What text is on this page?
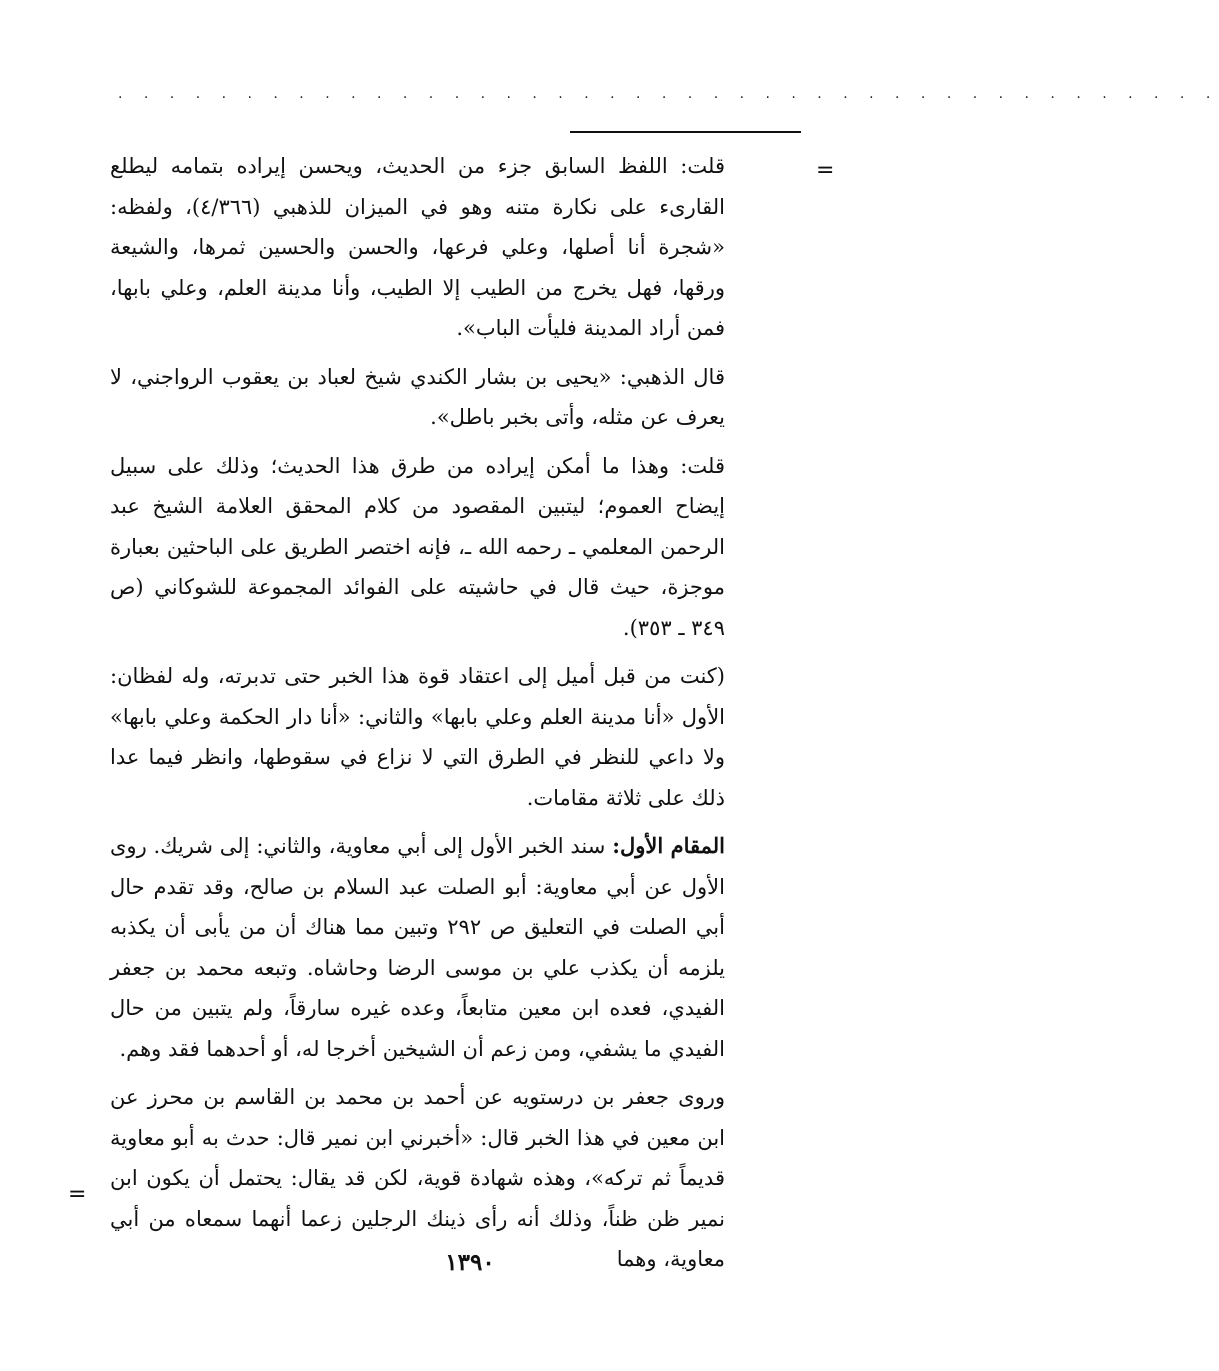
. . . . . . . . . . . . . . . . . . . . . . . . . . . . . . . . . . . . . . . . . . .
=

قلت: اللفظ السابق جزء من الحديث، ويحسن إيراده بتمامه ليطلع القارىء على نكارة متنه وهو في الميزان للذهبي (٤/٣٦٦)، ولفظه: «شجرة أنا أصلها، وعلي فرعها، والحسن والحسين ثمرها، والشيعة ورقها، فهل يخرج من الطيب إلا الطيب، وأنا مدينة العلم، وعلي بابها، فمن أراد المدينة فليأت الباب».

قال الذهبي: «يحيى بن بشار الكندي شيخ لعباد بن يعقوب الرواجني، لا يعرف عن مثله، وأتى بخبر باطل».

قلت: وهذا ما أمكن إيراده من طرق هذا الحديث؛ وذلك على سبيل إيضاح العموم؛ ليتبين المقصود من كلام المحقق العلامة الشيخ عبد الرحمن المعلمي ـ رحمه الله ـ، فإنه اختصر الطريق على الباحثين بعبارة موجزة، حيث قال في حاشيته على الفوائد المجموعة للشوكاني (ص ٣٤٩ ـ ٣٥٣).

(كنت من قبل أميل إلى اعتقاد قوة هذا الخبر حتى تدبرته، وله لفظان: الأول «أنا مدينة العلم وعلي بابها» والثاني: «أنا دار الحكمة وعلي بابها» ولا داعي للنظر في الطرق التي لا نزاع في سقوطها، وانظر فيما عدا ذلك على ثلاثة مقامات.

المقام الأول: سند الخبر الأول إلى أبي معاوية، والثاني: إلى شريك. روى الأول عن أبي معاوية: أبو الصلت عبد السلام بن صالح، وقد تقدم حال أبي الصلت في التعليق ص ٢٩٢ وتبين مما هناك أن من يأبى أن يكذبه يلزمه أن يكذب علي بن موسى الرضا وحاشاه. وتبعه محمد بن جعفر الفيدي، فعده ابن معين متابعاً، وعده غيره سارقاً، ولم يتبين من حال الفيدي ما يشفي، ومن زعم أن الشيخين أخرجا له، أو أحدهما فقد وهم.

وروى جعفر بن درستويه عن أحمد بن محمد بن القاسم بن محرز عن ابن معين في هذا الخبر قال: «أخبرني ابن نمير قال: حدث به أبو معاوية قديماً ثم تركه»، وهذه شهادة قوية، لكن قد يقال: يحتمل أن يكون ابن نمير ظن ظناً، وذلك أنه رأى ذينك الرجلين زعما أنهما سمعاه من أبي معاوية، وهما

=
١٣٩٠
